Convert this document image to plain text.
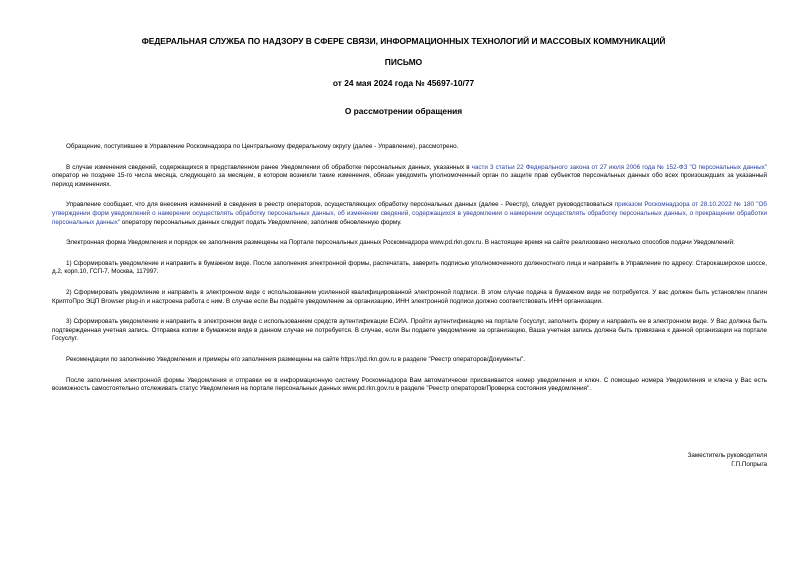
ФЕДЕРАЛЬНАЯ СЛУЖБА ПО НАДЗОРУ В СФЕРЕ СВЯЗИ, ИНФОРМАЦИОННЫХ ТЕХНОЛОГИЙ И МАССОВЫХ КОММУНИКАЦИЙ
ПИСЬМО
от 24 мая 2024 года № 45697-10/77
О рассмотрении обращения

Обращение, поступившее в Управление Роскомнадзора по Центральному федеральному округу (далее - Управление), рассмотрено.

В случае изменения сведений, содержащихся в представленном ранее Уведомлении об обработке персональных данных, указанных в части 3 статьи 22 Федерального закона от 27 июля 2006 года № 152-ФЗ "О персональных данных" оператор не позднее 15-го числа месяца, следующего за месяцем, в котором возникли такие изменения, обязан уведомить уполномоченный орган по защите прав субъектов персональных данных обо всех произошедших за указанный период изменениях.

Управление сообщает, что для внесения изменений в сведения в реестр операторов, осуществляющих обработку персональных данных (далее - Реестр), следует руководствоваться приказом Роскомнадзора от 28.10.2022 № 180 "Об утверждении форм уведомлений о намерении осуществлять обработку персональных данных, об изменении сведений, содержащихся в уведомлении о намерении осуществлять обработку персональных данных, о прекращении обработки персональных данных" оператору персональных данных следует подать Уведомление, заполнив обновленную форму.

Электронная форма Уведомления и порядок ее заполнения размещены на Портале персональных данных Роскомнадзора www.pd.rkn.gov.ru. В настоящее время на сайте реализовано несколько способов подачи Уведомлений:

1) Сформировать уведомление и направить в бумажном виде. После заполнения электронной формы, распечатать, заверить подписью уполномоченного должностного лица и направить в Управление по адресу: Старокаширское шоссе, д.2, корп.10, ГСП-7, Москва, 117997.

2) Сформировать уведомление и направить в электронном виде с использованием усиленной квалифицированной электронной подписи. В этом случае подача в бумажном виде не потребуется. У вас должен быть установлен плагин КриптоПро ЭЦП Browser plug-in и настроена работа с ним. В случае если Вы подаёте уведомление за организацию, ИНН электронной подписи должно соответствовать ИНН организации.

3) Сформировать уведомление и направить в электронном виде с использованием средств аутентификации ЕСИА. Пройти аутентификацию на портале Госуслуг, заполнить форму и направить ее в электронном виде. У Вас должна быть подтвержденная учетная запись. Отправка копии в бумажном виде в данном случае не потребуется. В случае, если Вы подаете уведомление за организацию, Ваша учетная запись должна быть привязана к данной организации на портале Госуслуг.

Рекомендации по заполнению Уведомления и примеры его заполнения размещены на сайте https://pd.rkn.gov.ru в разделе "Реестр операторов/Документы".

После заполнения электронной формы Уведомления и отправки ее в информационную систему Роскомнадзора Вам автоматически присваивается номер уведомления и ключ. С помощью номера Уведомления и ключа у Вас есть возможность самостоятельно отслеживать статус Уведомления на портале персональных данных www.pd.rkn.gov.ru в разделе "Реестр операторов/Проверка состояния уведомления".

Заместитель руководителя
Г.П.Попрыга
